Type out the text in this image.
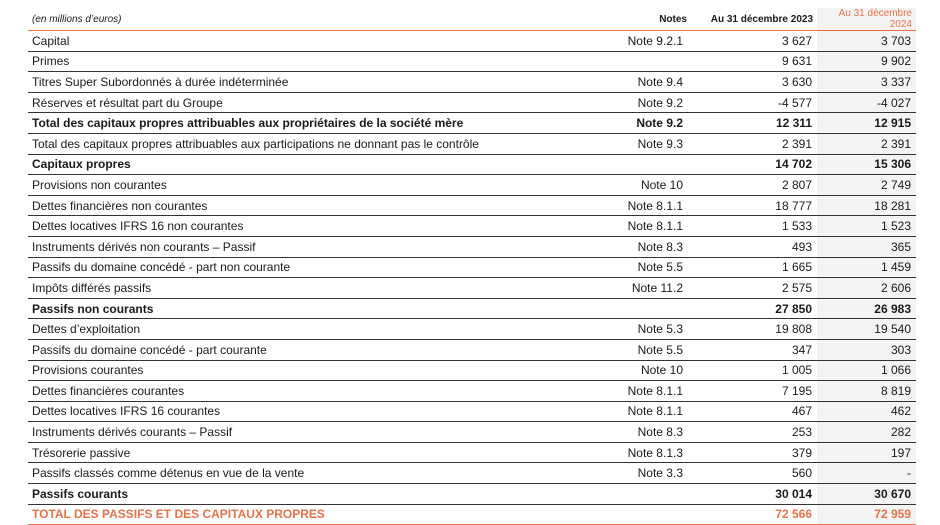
(en millions d’euros)	Notes	Au 31 décembre 2023	Au 31 décembre 2024
Capital	Note 9.2.1	3 627	3 703
Primes		9 631	9 902
Titres Super Subordonnés à durée indéterminée	Note 9.4	3 630	3 337
Réserves et résultat part du Groupe	Note 9.2	-4 577	-4 027
Total des capitaux propres attribuables aux propriétaires de la société mère	Note 9.2	12 311	12 915
Total des capitaux propres attribuables aux participations ne donnant pas le contrôle	Note 9.3	2 391	2 391
Capitaux propres		14 702	15 306
Provisions non courantes	Note 10	2 807	2 749
Dettes financières non courantes	Note 8.1.1	18 777	18 281
Dettes locatives IFRS 16 non courantes	Note 8.1.1	1 533	1 523
Instruments dérivés non courants – Passif	Note 8.3	493	365
Passifs du domaine concédé - part non courante	Note 5.5	1 665	1 459
Impôts différés passifs	Note 11.2	2 575	2 606
Passifs non courants		27 850	26 983
Dettes d’exploitation	Note 5.3	19 808	19 540
Passifs du domaine concédé - part courante	Note 5.5	347	303
Provisions courantes	Note 10	1 005	1 066
Dettes financières courantes	Note 8.1.1	7 195	8 819
Dettes locatives IFRS 16 courantes	Note 8.1.1	467	462
Instruments dérivés courants – Passif	Note 8.3	253	282
Trésorerie passive	Note 8.1.3	379	197
Passifs classés comme détenus en vue de la vente	Note 3.3	560	-
Passifs courants		30 014	30 670
TOTAL DES PASSIFS ET DES CAPITAUX PROPRES		72 566	72 959
